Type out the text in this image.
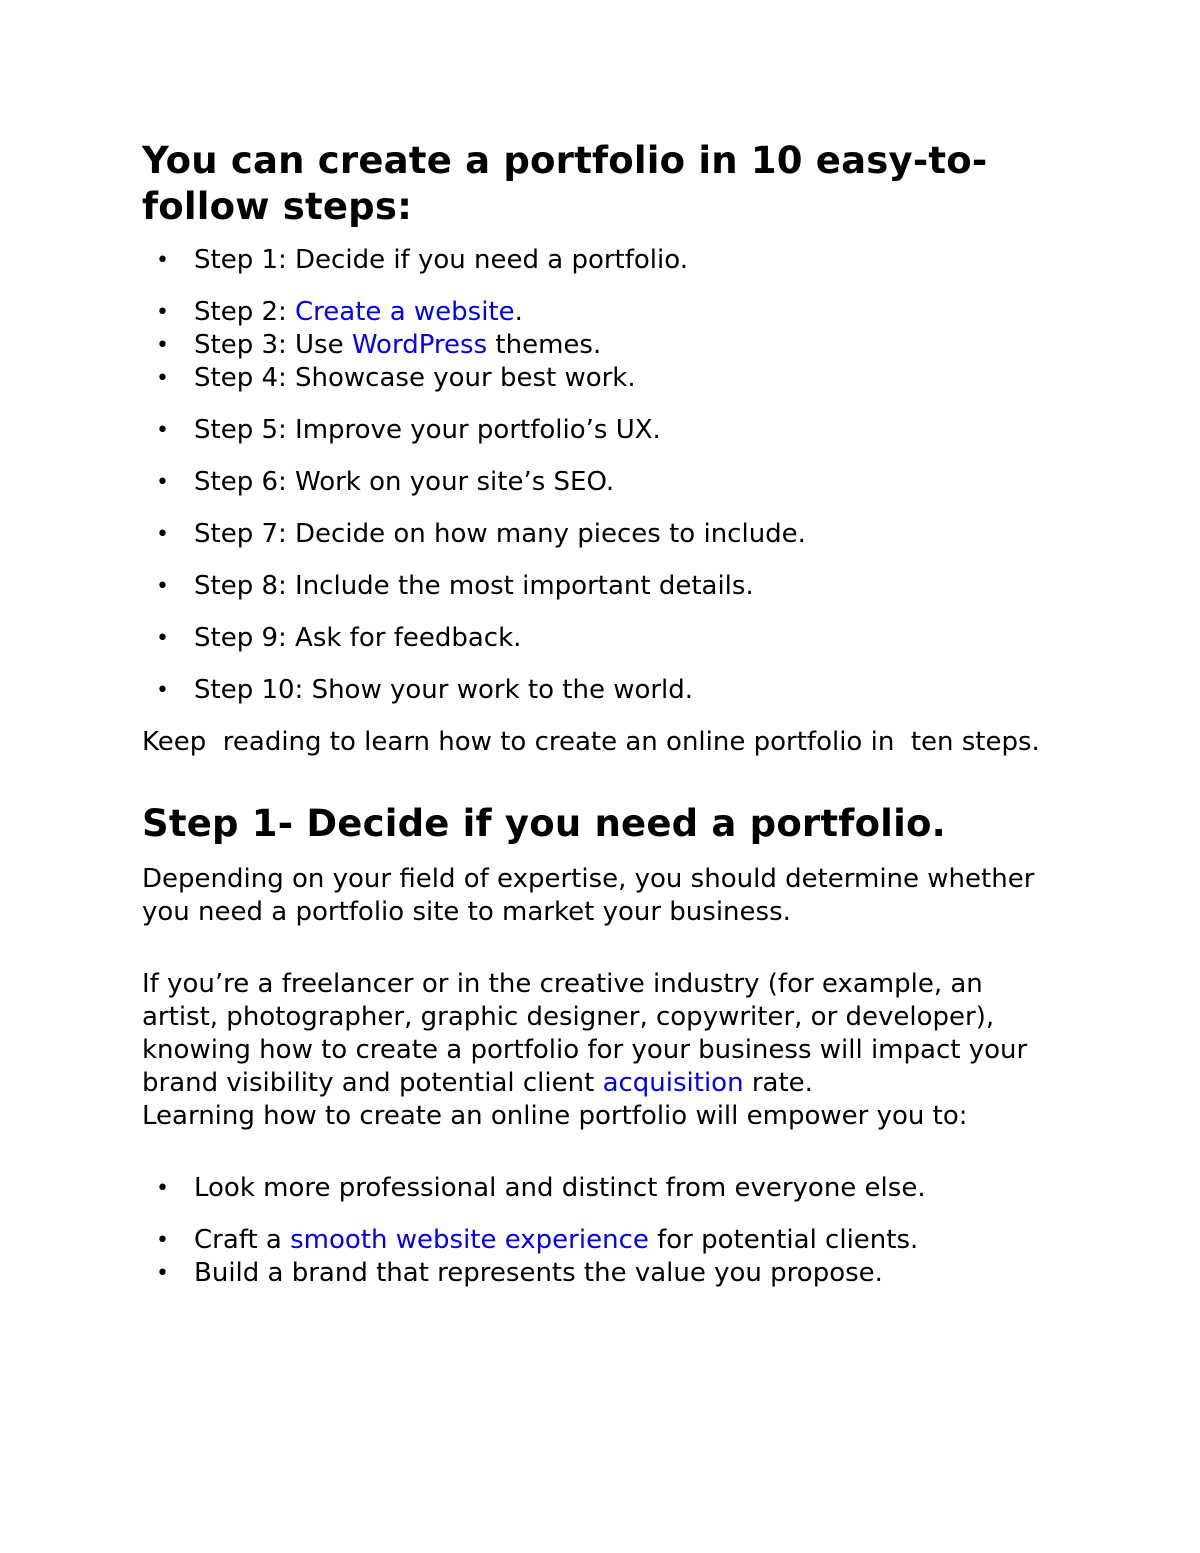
You can create a portfolio in 10 easy-to-follow steps:
• Step 1: Decide if you need a portfolio.
• Step 2: Create a website.
• Step 3: Use WordPress themes.
• Step 4: Showcase your best work.
• Step 5: Improve your portfolio’s UX.
• Step 6: Work on your site’s SEO.
• Step 7: Decide on how many pieces to include.
• Step 8: Include the most important details.
• Step 9: Ask for feedback.
• Step 10: Show your work to the world.

Keep  reading to learn how to create an online portfolio in  ten steps.

Step 1- Decide if you need a portfolio.

Depending on your field of expertise, you should determine whether you need a portfolio site to market your business.

If you’re a freelancer or in the creative industry (for example, an artist, photographer, graphic designer, copywriter, or developer), knowing how to create a portfolio for your business will impact your brand visibility and potential client acquisition rate.

Learning how to create an online portfolio will empower you to:

• Look more professional and distinct from everyone else.
• Craft a smooth website experience for potential clients.
• Build a brand that represents the value you propose.
